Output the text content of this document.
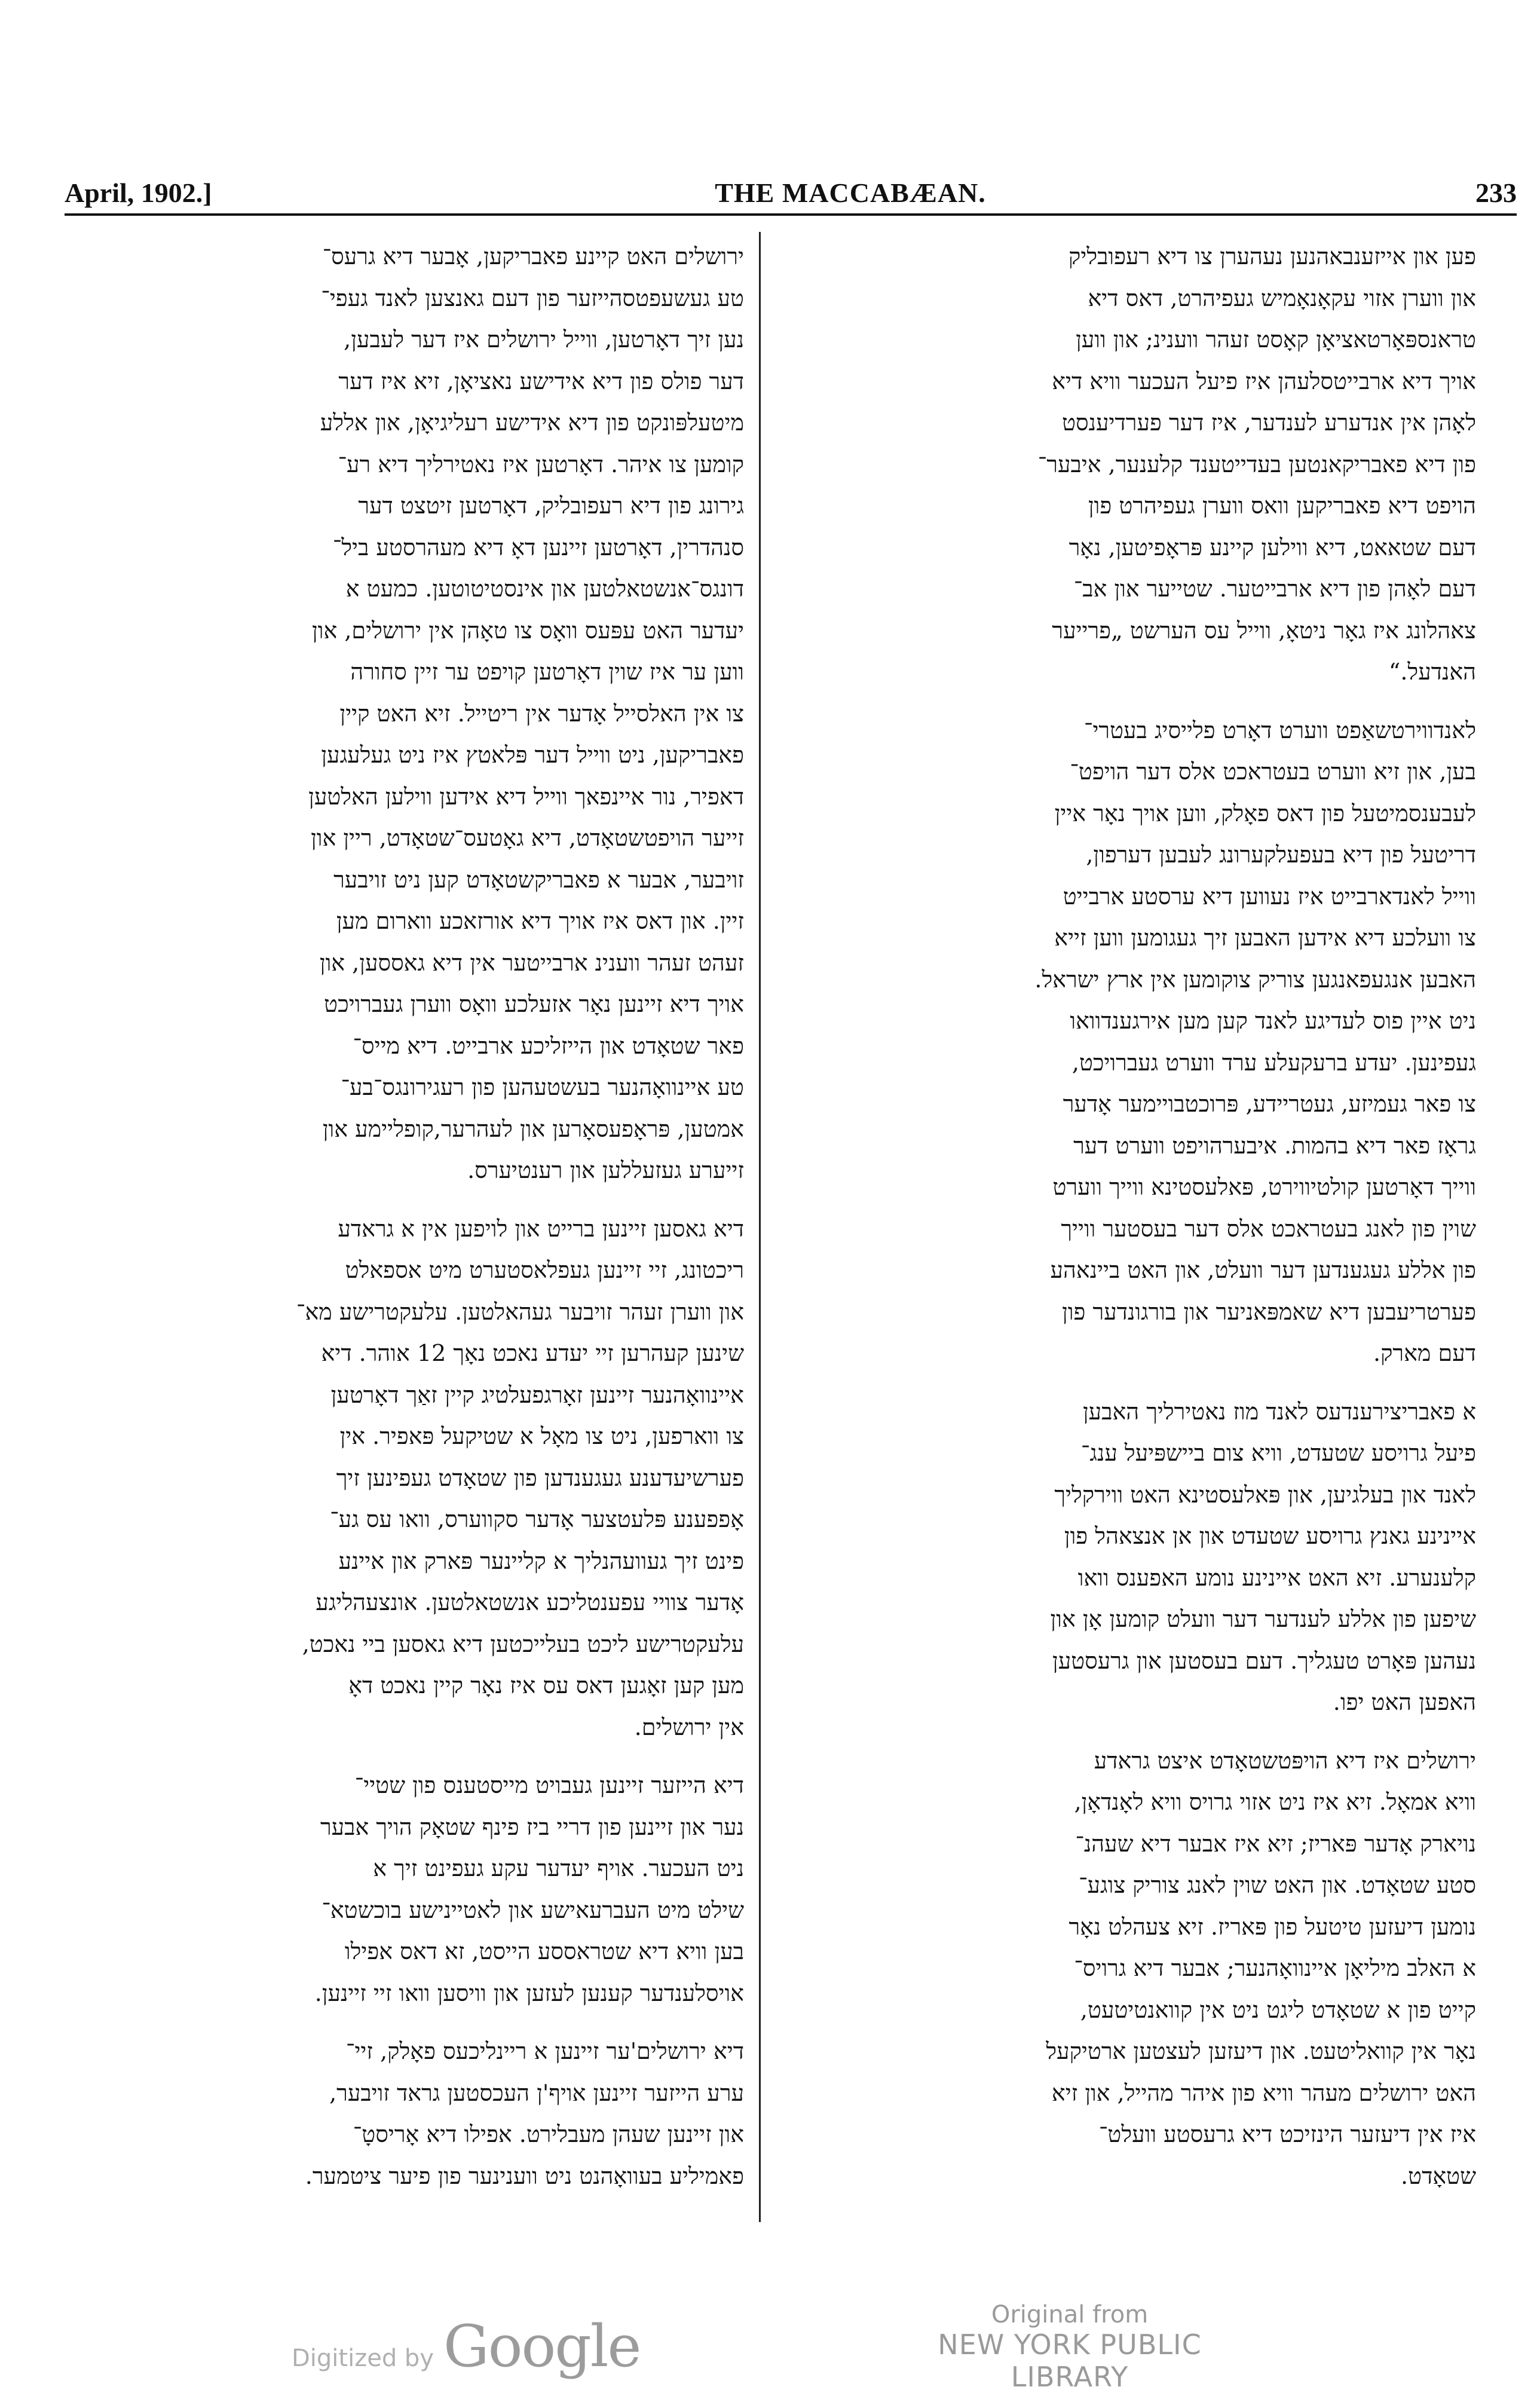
April, 1902.]	THE MACCABÆAN.	233

פען און אייזענבאהנען נעהערן צו דיא רעפובליק
און ווערן אזוי עקאָנאָמיש געפיהרט, דאס דיא
טראנספּאָרטאציאָן קאָסט זעהר ווענינ; און ווען
אויך דיא ארבייטסלעהן איז פיעל העכער וויא דיא
לאָהן אין אנדערע לענדער, איז דער פערדיענסט
פון דיא פאבריקאנטען בעדייטענד קלענער, איבער־
הויפט דיא פאבריקען וואס ווערן געפיהרט פון
דעם שטאאט, דיא ווילען קיינע פּראָפיטען, נאָר
דעם לאָהן פון דיא ארבייטער. שטייער און אב־
צאהלונג איז גאָר ניטאָ, ווייל עס הערשט „פרייער
האנדעל.“

לאנדווירטשאַפט ווערט דאָרט פלייסיג בעטרי־
בען, און זיא ווערט בעטראכט אלס דער הויפט־
לעבענסמיטעל פון דאס פאָלק, ווען אויך נאָר איין
דריטעל פון דיא בעפעלקערונג לעבען דערפון,
ווייל לאנדארבייט איז נעווען דיא ערסטע ארבייט
צו וועלכע דיא אידען האבען זיך געגומען ווען זייא
האבען אנגעפאנגען צוריק צוקומען אין ארץ ישראל.
ניט איין פוס לעדיגע לאנד קען מען אירגענדוואו
געפינען. יעדע ברעקעלע ערד ווערט געברויכט,
צו פאר געמיזע, געטריידע, פּרוכטבויימער אָדער
גראָז פאר דיא בהמות. איבערהויפט ווערט דער
ווייך דאָרטען קולטיווירט, פּאלעסטינא ווייך ווערט
שוין פון לאנג בעטראכט אלס דער בעסטער ווייך
פון אללע געגענדען דער וועלט, און האט ביינאהע
פערטריעבען דיא שאמפּאניער און בורגונדער פון
דעם מארק.

א פאבריצירענדעס לאנד מוז נאטירליך האבען
פיעל גרויסע שטעדט, וויא צום ביישפּיעל ענג־
לאנד און בעלגיען, און פּאלעסטינא האט ווירקליך
איינינע גאנץ גרויסע שטעדט און אן אנצאהל פון
קלענערע. זיא האט איינינע נומע האפענס וואו
שיפען פון אללע לענדער דער וועלט קומען אָן און
נעהען פּאָרט טעגליך. דעם בעסטען און גרעסטען
האפען האט יפו.

ירושלים איז דיא הויפּטשטאָדט איצט גראדע
וויא אמאָל. זיא איז ניט אזוי גרויס וויא לאָנדאָן,
נויארק אָדער פּאריז; זיא איז אבער דיא שעהנ־
סטע שטאָדט. און האט שוין לאנג צוריק צוגע־
נומען דיעזען טיטעל פון פּאריז. זיא צעהלט נאָר
א האלב מיליאָן איינוואָהנער; אבער דיא גרויס־
קייט פון א שטאָדט ליגט ניט אין קוואנטיטעט,
נאָר אין קוואליטעט. און דיעזען לעצטען ארטיקעל
האט ירושלים מעהר וויא פון איהר מהייל, און זיא
איז אין דיעזער הינזיכט דיא גרעסטע וועלט־
שטאָדט.

ירושלים האט קיינע פאבריקען, אָבער דיא גרעס־
טע געשעפטסהייזער פון דעם גאנצען לאנד געפי־
נען זיך דאָרטען, ווייל ירושלים איז דער לעבען,
דער פולס פון דיא אידישע נאציאָן, זיא איז דער
מיטעלפּונקט פון דיא אידישע רעליגיאָן, און אללע
קומען צו איהר. דאָרטען איז נאטירליך דיא רע־
גירונג פון דיא רעפובליק, דאָרטען זיטצט דער
סנהדרין, דאָרטען זיינען דאָ דיא מעהרסטע ביל־
דונגס־אנשטאלטען און אינסטיטוטען. כמעט א
יעדער האט עפּעס וואָס צו טאָהן אין ירושלים, און
ווען ער איז שוין דאָרטען קויפט ער זיין סחורה
צו אין האלסייל אָדער אין ריטייל. זיא האט קיין
פאבריקען, ניט ווייל דער פּלאטץ איז ניט געלעגען
דאפיר, נור איינפאך ווייל דיא אידען ווילען האלטען
זייער הויפטשטאָדט, דיא גאָטעס־שטאָדט, ריין און
זויבער, אבער א פאבריקשטאָדט קען ניט זויבער
זיין. און דאס איז אויך דיא אורזאכע ווארום מען
זעהט זעהר ווענינ ארבייטער אין דיא גאססען, און
אויך דיא זיינען נאָר אזעלכע וואָס ווערן געברויכט
פאר שטאָדט און הייזליכע ארבייט. דיא מייס־
טע איינוואָהנער בעשטעהען פון רעגירונגס־בע־
אמטען, פּראָפעסאָרען און לעהרער,קופליימע און
זייערע געזעללען און רענטיערס.

דיא גאסען זיינען ברייט און לויפען אין א גראדע
ריכטונג, זיי זיינען געפלאסטערט מיט אספאלט
און ווערן זעהר זויבער געהאלטען. עלעקטרישע מא־
שינען קעהרען זיי יעדע נאכט נאָך 12 אוהר. דיא
איינוואָהנער זיינען זאָרגפעלטיג קיין זאַך דאָרטען
צו ווארפען, ניט צו מאָל א שטיקעל פּאפיר. אין
פערשיעדענע געגענדען פון שטאָדט געפינען זיך
אָפפענע פּלעטצער אָדער סקווערס, וואו עס גע־
פינט זיך געוועהנליך א קליינער פּארק און איינע
אָדער צוויי עפענטליכע אנשטאלטען. אונצעהליגע
עלעקטרישע ליכט בעלייכטען דיא גאסען ביי נאכט,
מען קען זאָגען דאס עס איז נאָר קיין נאכט דאָ
אין ירושלים.

דיא הייזער זיינען געבויט מייסטענס פון שטיי־
נער און זיינען פון דריי ביז פינף שטאָק הויך אבער
ניט העכער. אויף יעדער עקע געפינט זיך א
שילט מיט העברעאישע און לאטיינישע בוכשטא־
בען וויא דיא שטראססע הייסט, זא דאס אפילו
אויסלענדער קענען לעזען און וויסען וואו זיי זיינען.

דיא ירושלים'ער זיינען א ריינליכעס פאָלק, זיי־
ערע הייזער זיינען אויף'ן העכסטען גראד זויבער,
און זיינען שעהן מעבלירט. אפילו דיא אָריסטָ־
פאמיליע בעוואָהנט ניט ווענינער פון פיער ציטמער.

Digitized by Google	Original from
NEW YORK PUBLIC LIBRARY
